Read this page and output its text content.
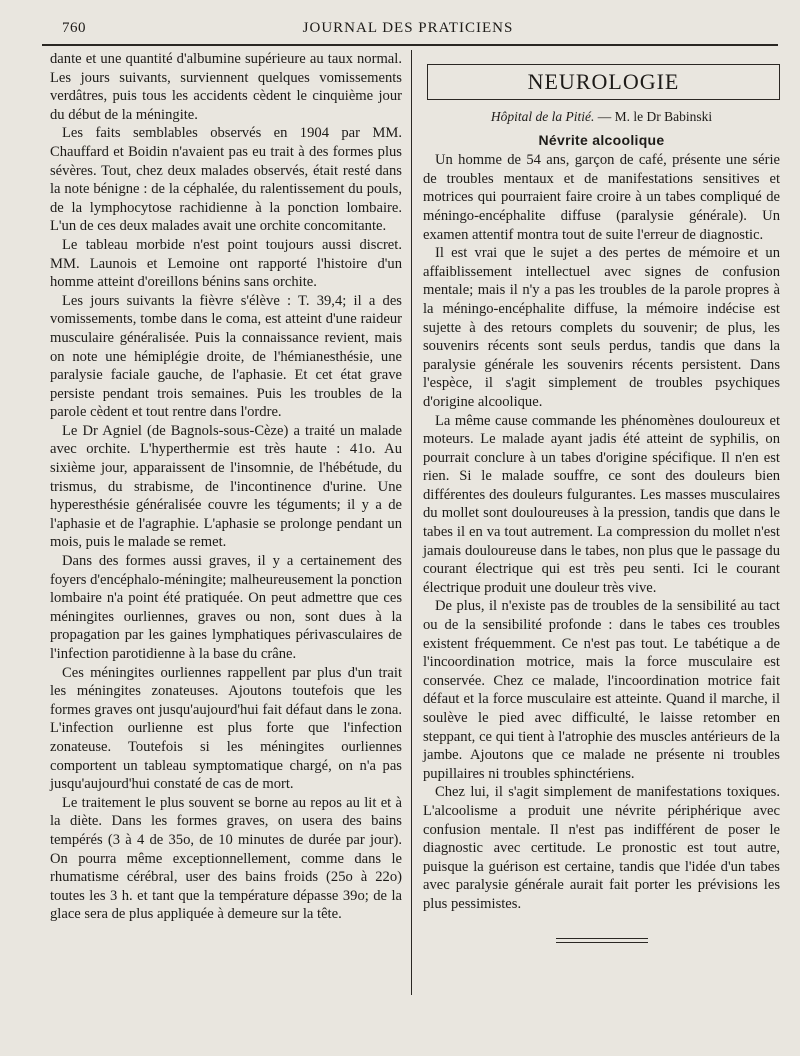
760	JOURNAL DES PRATICIENS

dante et une quantité d'albumine supérieure au taux normal. Les jours suivants, surviennent quelques vomissements verdâtres, puis tous les accidents cèdent le cinquième jour du début de la méningite.

Les faits semblables observés en 1904 par MM. Chauffard et Boidin n'avaient pas eu trait à des formes plus sévères. Tout, chez deux malades observés, était resté dans la note bénigne : de la céphalée, du ralentissement du pouls, de la lymphocytose rachidienne à la ponction lombaire. L'un de ces deux malades avait une orchite concomitante.

Le tableau morbide n'est point toujours aussi discret. MM. Launois et Lemoine ont rapporté l'histoire d'un homme atteint d'oreillons bénins sans orchite.

Les jours suivants la fièvre s'élève : T. 39,4; il a des vomissements, tombe dans le coma, est atteint d'une raideur musculaire généralisée. Puis la connaissance revient, mais on note une hémiplégie droite, de l'hémianesthésie, une paralysie faciale gauche, de l'aphasie. Et cet état grave persiste pendant trois semaines. Puis les troubles de la parole cèdent et tout rentre dans l'ordre.

Le Dr Agniel (de Bagnols-sous-Cèze) a traité un malade avec orchite. L'hyperthermie est très haute : 41o. Au sixième jour, apparaissent de l'insomnie, de l'hébétude, du trismus, du strabisme, de l'incontinence d'urine. Une hyperesthésie généralisée couvre les téguments; il y a de l'aphasie et de l'agraphie. L'aphasie se prolonge pendant un mois, puis le malade se remet.

Dans des formes aussi graves, il y a certainement des foyers d'encéphalo-méningite; malheureusement la ponction lombaire n'a point été pratiquée. On peut admettre que ces méningites ourliennes, graves ou non, sont dues à la propagation par les gaines lymphatiques périvasculaires de l'infection parotidienne à la base du crâne.

Ces méningites ourliennes rappellent par plus d'un trait les méningites zonateuses. Ajoutons toutefois que les formes graves ont jusqu'aujourd'hui fait défaut dans le zona. L'infection ourlienne est plus forte que l'infection zonateuse. Toutefois si les méningites ourliennes comportent un tableau symptomatique chargé, on n'a pas jusqu'aujourd'hui constaté de cas de mort.

Le traitement le plus souvent se borne au repos au lit et à la diète. Dans les formes graves, on usera des bains tempérés (3 à 4 de 35o, de 10 minutes de durée par jour). On pourra même exceptionnellement, comme dans le rhumatisme cérébral, user des bains froids (25o à 22o) toutes les 3 h. et tant que la température dépasse 39o; de la glace sera de plus appliquée à demeure sur la tête.

NEUROLOGIE
Hôpital de la Pitié. — M. le Dr Babinski
Névrite alcoolique

Un homme de 54 ans, garçon de café, présente une série de troubles mentaux et de manifestations sensitives et motrices qui pourraient faire croire à un tabes compliqué de méningo-encéphalite diffuse (paralysie générale). Un examen attentif montra tout de suite l'erreur de diagnostic.

Il est vrai que le sujet a des pertes de mémoire et un affaiblissement intellectuel avec signes de confusion mentale; mais il n'y a pas les troubles de la parole propres à la méningo-encéphalite diffuse, la mémoire indécise est sujette à des retours complets du souvenir; de plus, les souvenirs récents sont seuls perdus, tandis que dans la paralysie générale les souvenirs récents persistent. Dans l'espèce, il s'agit simplement de troubles psychiques d'origine alcoolique.

La même cause commande les phénomènes douloureux et moteurs. Le malade ayant jadis été atteint de syphilis, on pourrait conclure à un tabes d'origine spécifique. Il n'en est rien. Si le malade souffre, ce sont des douleurs bien différentes des douleurs fulgurantes. Les masses musculaires du mollet sont douloureuses à la pression, tandis que dans le tabes il en va tout autrement. La compression du mollet n'est jamais douloureuse dans le tabes, non plus que le passage du courant électrique qui est très peu senti. Ici le courant électrique produit une douleur très vive.

De plus, il n'existe pas de troubles de la sensibilité au tact ou de la sensibilité profonde : dans le tabes ces troubles existent fréquemment. Ce n'est pas tout. Le tabétique a de l'incoordination motrice, mais la force musculaire est conservée. Chez ce malade, l'incoordination motrice fait défaut et la force musculaire est atteinte. Quand il marche, il soulève le pied avec difficulté, le laisse retomber en steppant, ce qui tient à l'atrophie des muscles antérieurs de la jambe. Ajoutons que ce malade ne présente ni troubles pupillaires ni troubles sphinctériens.

Chez lui, il s'agit simplement de manifestations toxiques. L'alcoolisme a produit une névrite périphérique avec confusion mentale. Il n'est pas indifférent de poser le diagnostic avec certitude. Le pronostic est tout autre, puisque la guérison est certaine, tandis que l'idée d'un tabes avec paralysie générale aurait fait porter les prévisions les plus pessimistes.
